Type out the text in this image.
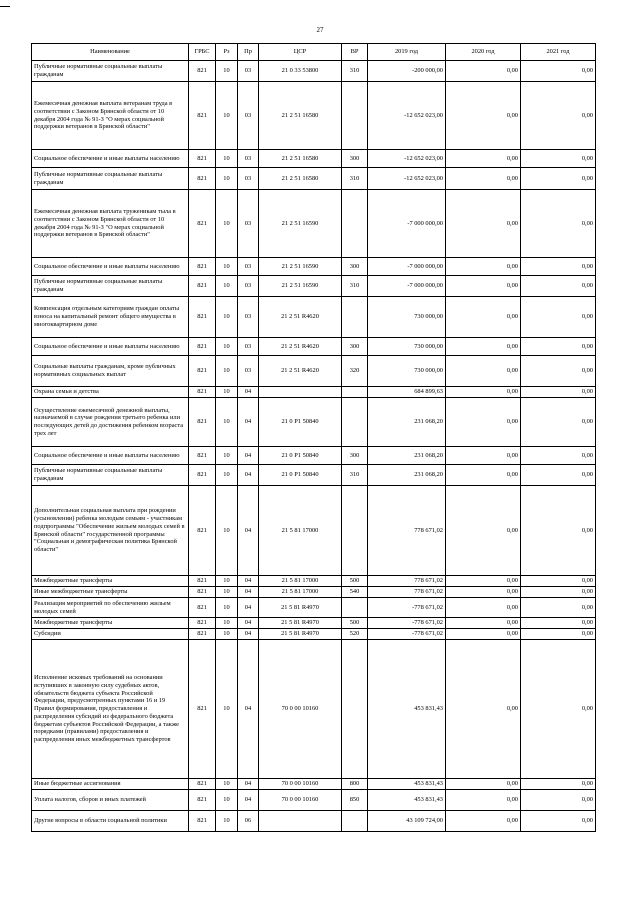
27
Наименование	ГРБС	Рз	Пр	ЦСР	ВР	2019 год	2020 год	2021 год
Публичные нормативные социальные выплаты гражданам	821	10	03	21 0 33 53800	310	-200 000,00	0,00	0,00
Ежемесячная денежная выплата ветеранам труда в соответствии с Законом Брянской области от 10 декабря 2004 года № 91-З "О мерах социальной поддержки ветеранов в Брянской области"	821	10	03	21 2 51 16580		-12 652 023,00	0,00	0,00
Социальное обеспечение и иные выплаты населению	821	10	03	21 2 51 16580	300	-12 652 023,00	0,00	0,00
Публичные нормативные социальные выплаты гражданам	821	10	03	21 2 51 16580	310	-12 652 023,00	0,00	0,00
Ежемесячная денежная выплата труженикам тыла в соответствии с Законом Брянской области от 10 декабря 2004 года № 91-З "О мерах социальной поддержки ветеранов в Брянской области"	821	10	03	21 2 51 16590		-7 000 000,00	0,00	0,00
Социальное обеспечение и иные выплаты населению	821	10	03	21 2 51 16590	300	-7 000 000,00	0,00	0,00
Публичные нормативные социальные выплаты гражданам	821	10	03	21 2 51 16590	310	-7 000 000,00	0,00	0,00
Компенсация отдельным категориям граждан оплаты взноса на капитальный ремонт общего имущества в многоквартирном доме	821	10	03	21 2 51 R4620		730 000,00	0,00	0,00
Социальное обеспечение и иные выплаты населению	821	10	03	21 2 51 R4620	300	730 000,00	0,00	0,00
Социальные выплаты гражданам, кроме публичных нормативных социальных выплат	821	10	03	21 2 51 R4620	320	730 000,00	0,00	0,00
Охрана семьи и детства	821	10	04			684 899,63	0,00	0,00
Осуществление ежемесячной денежной выплаты, назначаемой в случае рождения третьего ребенка или последующих детей до достижения ребенком возраста трех лет	821	10	04	21 0 P1 50840		231 068,20	0,00	0,00
Социальное обеспечение и иные выплаты населению	821	10	04	21 0 P1 50840	300	231 068,20	0,00	0,00
Публичные нормативные социальные выплаты гражданам	821	10	04	21 0 P1 50840	310	231 068,20	0,00	0,00
Дополнительная социальная выплата при рождении (усыновлении) ребенка молодым семьям - участникам подпрограммы "Обеспечение жильем молодых семей в Брянской области" государственной программы "Социальная и демографическая политика Брянской области"	821	10	04	21 5 81 17000		778 671,02	0,00	0,00
Межбюджетные трансферты	821	10	04	21 5 81 17000	500	778 671,02	0,00	0,00
Иные межбюджетные трансферты	821	10	04	21 5 81 17000	540	778 671,02	0,00	0,00
Реализация мероприятий по обеспечению жильем молодых семей	821	10	04	21 5 81 R4970		-778 671,02	0,00	0,00
Межбюджетные трансферты	821	10	04	21 5 81 R4970	500	-778 671,02	0,00	0,00
Субсидии	821	10	04	21 5 81 R4970	520	-778 671,02	0,00	0,00
Исполнение исковых требований на основании вступивших в законную силу судебных актов, обязательств бюджета субъекта Российской Федерации, предусмотренных пунктами 16 и 19 Правил формирования, предоставления и распределения субсидий из федерального бюджета бюджетам субъектов Российской Федерации, а также порядками (правилами) предоставления и распределения иных межбюджетных трансфертов	821	10	04	70 0 00 10160		453 831,43	0,00	0,00
Иные бюджетные ассигнования	821	10	04	70 0 00 10160	800	453 831,43	0,00	0,00
Уплата налогов, сборов и иных платежей	821	10	04	70 0 00 10160	850	453 831,43	0,00	0,00
Другие вопросы в области социальной политики	821	10	06			43 109 724,00	0,00	0,00
